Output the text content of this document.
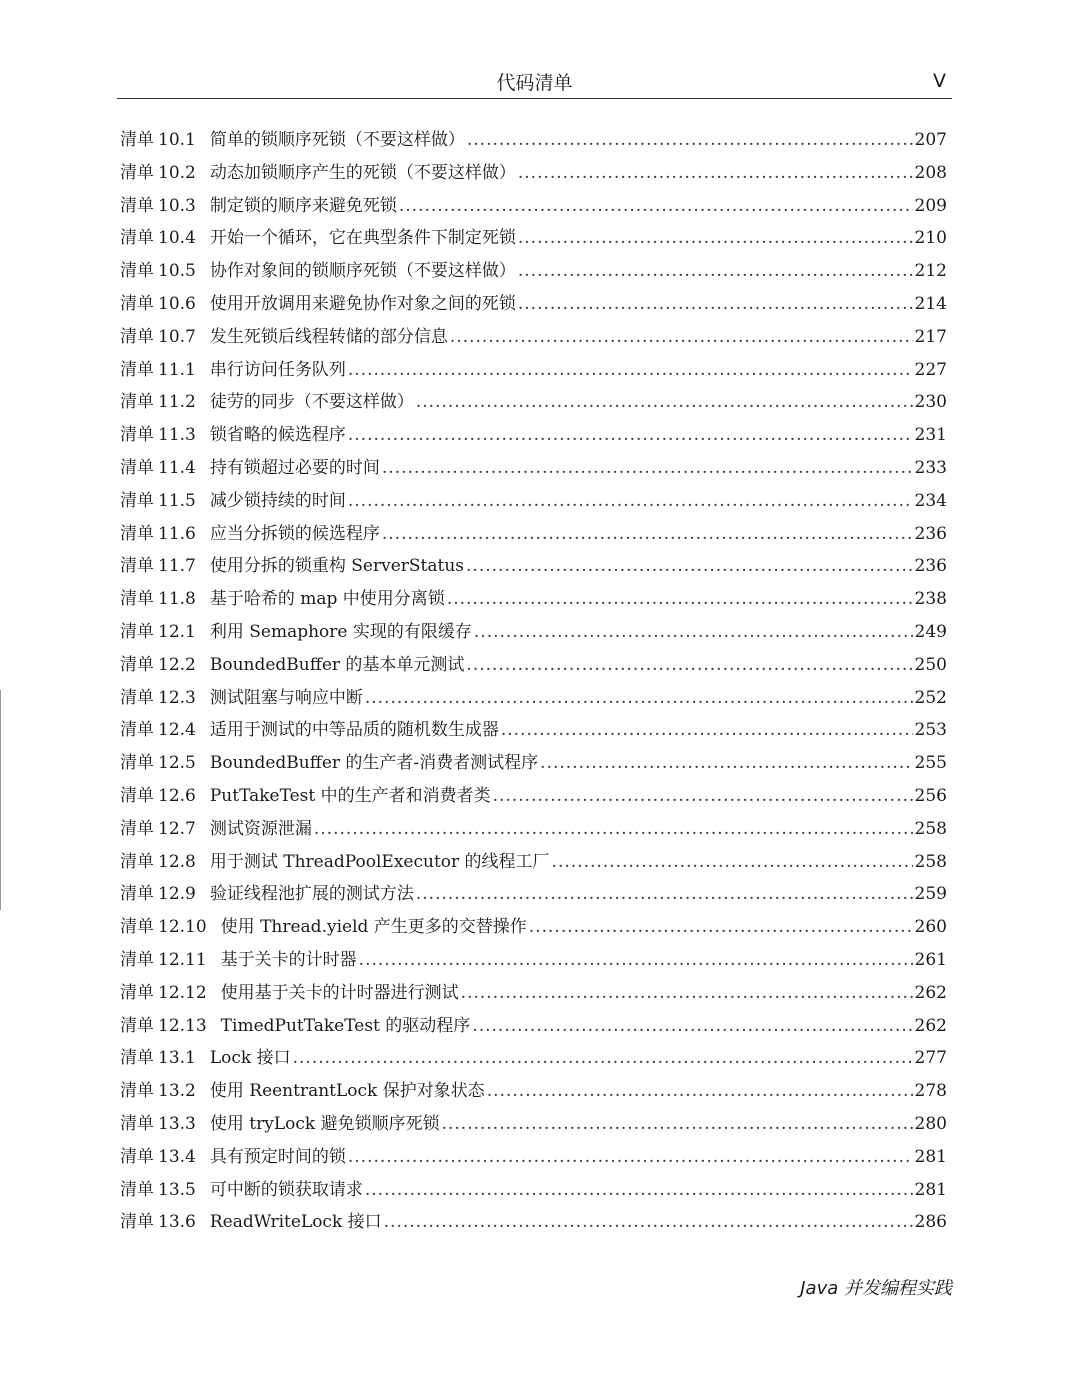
代码清单	V
清单 10.1 简单的锁顺序死锁（不要这样做） .....	207
清单 10.2 动态加锁顺序产生的死锁（不要这样做） .....	208
清单 10.3 制定锁的顺序来避免死锁 .....	209
清单 10.4 开始一个循环，它在典型条件下制定死锁 .....	210
清单 10.5 协作对象间的锁顺序死锁（不要这样做） .....	212
清单 10.6 使用开放调用来避免协作对象之间的死锁 .....	214
清单 10.7 发生死锁后线程转储的部分信息 .....	217
清单 11.1 串行访问任务队列 .....	227
清单 11.2 徒劳的同步（不要这样做） .....	230
清单 11.3 锁省略的候选程序 .....	231
清单 11.4 持有锁超过必要的时间 .....	233
清单 11.5 减少锁持续的时间 .....	234
清单 11.6 应当分拆锁的候选程序 .....	236
清单 11.7 使用分拆的锁重构 ServerStatus .....	236
清单 11.8 基于哈希的 map 中使用分离锁 .....	238
清单 12.1 利用 Semaphore 实现的有限缓存 .....	249
清单 12.2 BoundedBuffer 的基本单元测试 .....	250
清单 12.3 测试阻塞与响应中断 .....	252
清单 12.4 适用于测试的中等品质的随机数生成器 .....	253
清单 12.5 BoundedBuffer 的生产者-消费者测试程序 .....	255
清单 12.6 PutTakeTest 中的生产者和消费者类 .....	256
清单 12.7 测试资源泄漏 .....	258
清单 12.8 用于测试 ThreadPoolExecutor 的线程工厂 .....	258
清单 12.9 验证线程池扩展的测试方法 .....	259
清单 12.10 使用 Thread.yield 产生更多的交替操作 .....	260
清单 12.11 基于关卡的计时器 .....	261
清单 12.12 使用基于关卡的计时器进行测试 .....	262
清单 12.13 TimedPutTakeTest 的驱动程序 .....	262
清单 13.1 Lock 接口 .....	277
清单 13.2 使用 ReentrantLock 保护对象状态 .....	278
清单 13.3 使用 tryLock 避免锁顺序死锁 .....	280
清单 13.4 具有预定时间的锁 .....	281
清单 13.5 可中断的锁获取请求 .....	281
清单 13.6 ReadWriteLock 接口 .....	286
Java 并发编程实践
